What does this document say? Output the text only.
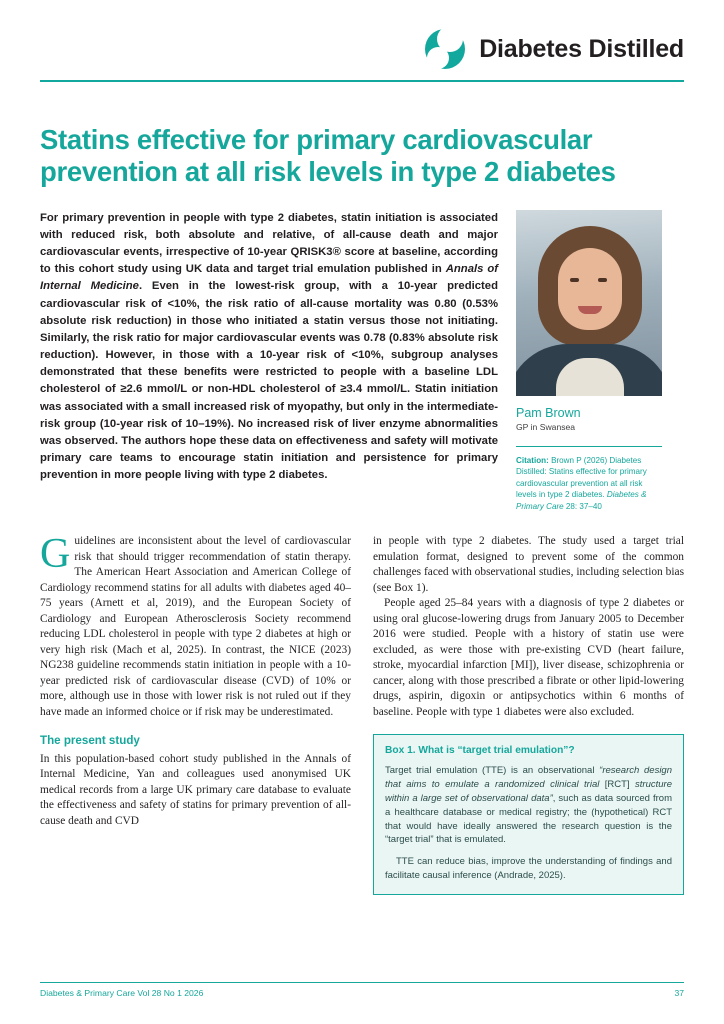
Diabetes Distilled
Statins effective for primary cardiovascular prevention at all risk levels in type 2 diabetes
For primary prevention in people with type 2 diabetes, statin initiation is associated with reduced risk, both absolute and relative, of all-cause death and major cardiovascular events, irrespective of 10-year QRISK3® score at baseline, according to this cohort study using UK data and target trial emulation published in Annals of Internal Medicine. Even in the lowest-risk group, with a 10-year predicted cardiovascular risk of <10%, the risk ratio of all-cause mortality was 0.80 (0.53% absolute risk reduction) in those who initiated a statin versus those not initiating. Similarly, the risk ratio for major cardiovascular events was 0.78 (0.83% absolute risk reduction). However, in those with a 10-year risk of <10%, subgroup analyses demonstrated that these benefits were restricted to people with a baseline LDL cholesterol of ≥2.6 mmol/L or non-HDL cholesterol of ≥3.4 mmol/L. Statin initiation was associated with a small increased risk of myopathy, but only in the intermediate-risk group (10-year risk of 10–19%). No increased risk of liver enzyme abnormalities was observed. The authors hope these data on effectiveness and safety will motivate primary care teams to encourage statin initiation and persistence for primary prevention in more people living with type 2 diabetes.
Pam Brown
GP in Swansea
Citation: Brown P (2026) Diabetes Distilled: Statins effective for primary cardiovascular prevention at all risk levels in type 2 diabetes. Diabetes & Primary Care 28: 37–40

Guidelines are inconsistent about the level of cardiovascular risk that should trigger recommendation of statin therapy. The American Heart Association and American College of Cardiology recommend statins for all adults with diabetes aged 40–75 years (Arnett et al, 2019), and the European Society of Cardiology and European Atherosclerosis Society recommend reducing LDL cholesterol in people with type 2 diabetes at high or very high risk (Mach et al, 2025). In contrast, the NICE (2023) NG238 guideline recommends statin initiation in people with a 10-year predicted risk of cardiovascular disease (CVD) of 10% or more, although use in those with lower risk is not ruled out if they have made an informed choice or if risk may be underestimated.

The present study

In this population-based cohort study published in the Annals of Internal Medicine, Yan and colleagues used anonymised UK medical records from a large UK primary care database to evaluate the effectiveness and safety of statins for primary prevention of all-cause death and CVD

in people with type 2 diabetes. The study used a target trial emulation format, designed to prevent some of the common challenges faced with observational studies, including selection bias (see Box 1).

People aged 25–84 years with a diagnosis of type 2 diabetes or using oral glucose-lowering drugs from January 2005 to December 2016 were studied. People with a history of statin use were excluded, as were those with pre-existing CVD (heart failure, stroke, myocardial infarction [MI]), liver disease, schizophrenia or cancer, along with those prescribed a fibrate or other lipid-lowering drugs, aspirin, digoxin or antipsychotics within 6 months of baseline. People with type 1 diabetes were also excluded.

Box 1. What is “target trial emulation”?

Target trial emulation (TTE) is an observational “research design that aims to emulate a randomized clinical trial [RCT] structure within a large set of observational data”, such as data sourced from a healthcare database or medical registry; the (hypothetical) RCT that would have ideally answered the research question is the “target trial” that is emulated.

TTE can reduce bias, improve the understanding of findings and facilitate causal inference (Andrade, 2025).

Diabetes & Primary Care Vol 28 No 1 2026	37
